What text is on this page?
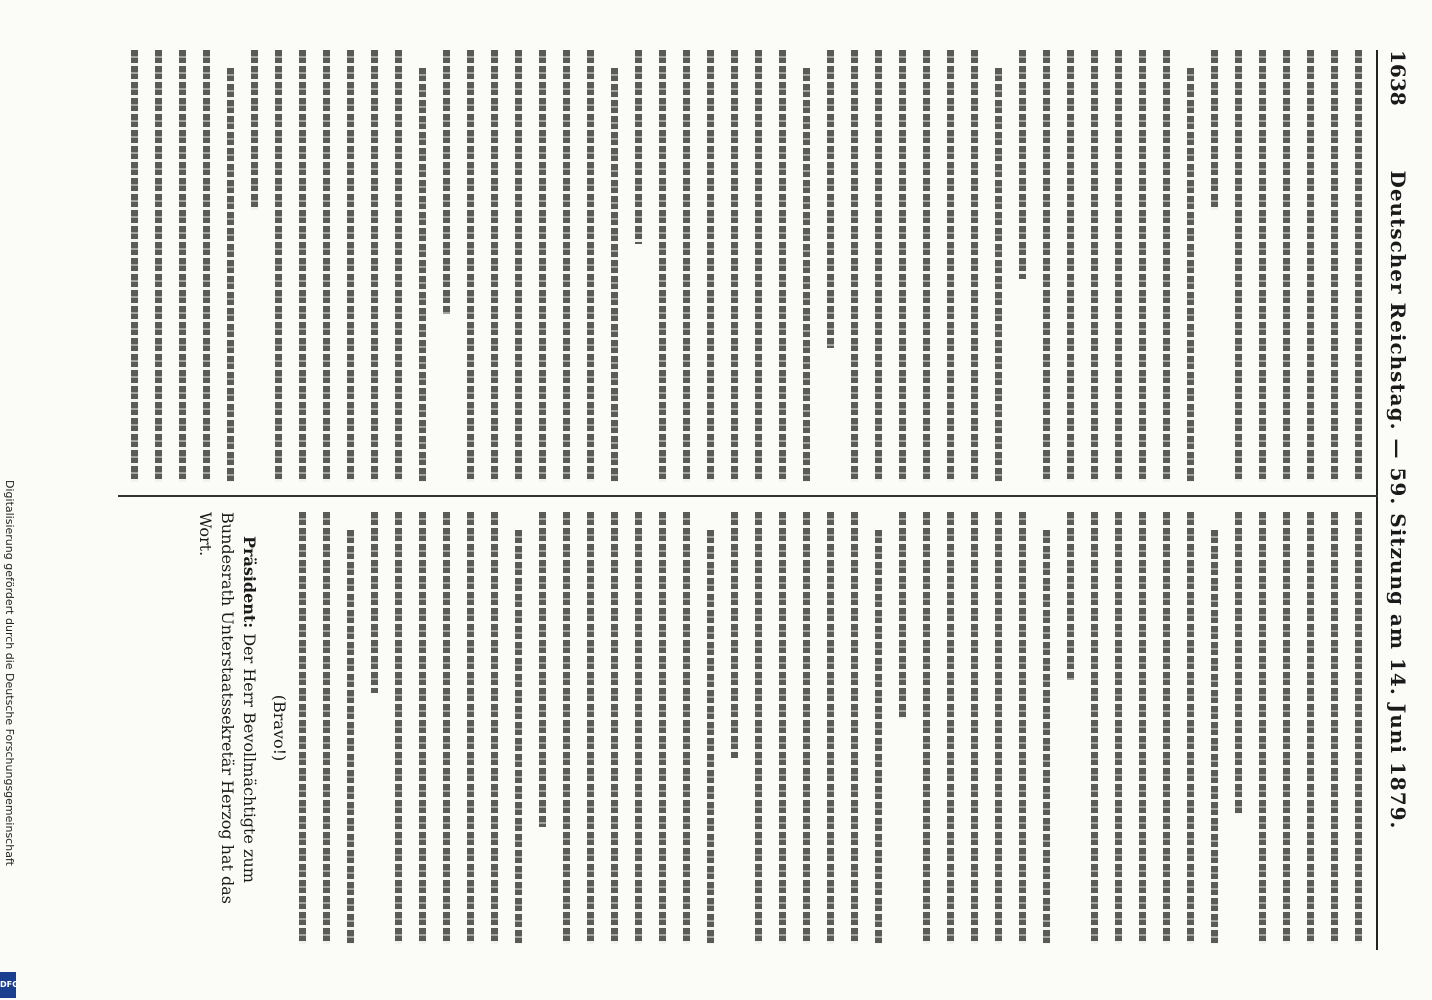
1638
Deutscher Reichstag. — 59. Sitzung am 14. Juni 1879.
(Bravo!)
Präsident: Der Herr Bevollmächtigte zum Bundesrath Unterstaatssekretär Herzog hat das Wort.
Digitalisierung gefördert durch die Deutsche Forschungsgemeinschaft
DFG
